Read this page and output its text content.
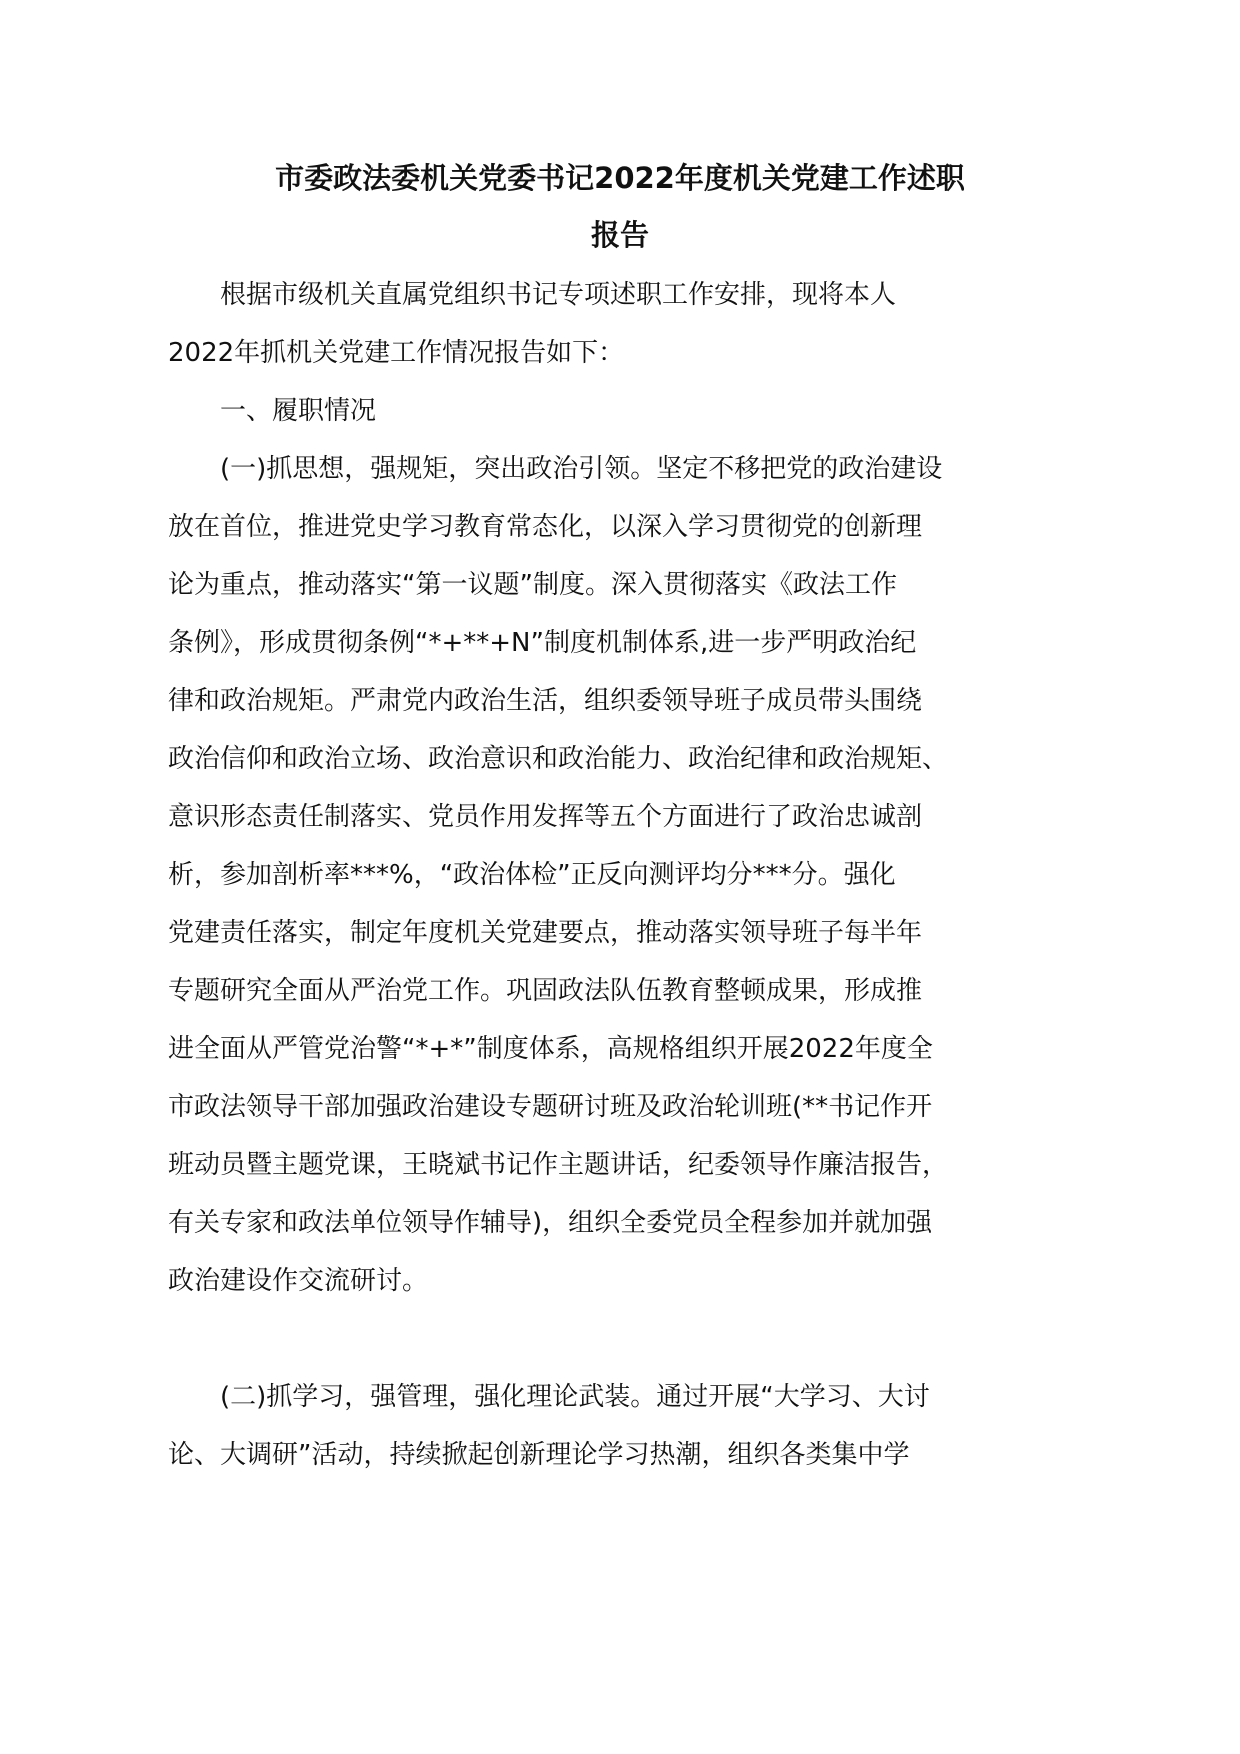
市委政法委机关党委书记2022年度机关党建工作述职
报告
根据市级机关直属党组织书记专项述职工作安排，现将本人
2022年抓机关党建工作情况报告如下：
一、履职情况
(一)抓思想，强规矩，突出政治引领。坚定不移把党的政治建设
放在首位，推进党史学习教育常态化，以深入学习贯彻党的创新理
论为重点，推动落实“第一议题”制度。深入贯彻落实《政法工作
条例》，形成贯彻条例“*+**+N”制度机制体系,进一步严明政治纪
律和政治规矩。严肃党内政治生活，组织委领导班子成员带头围绕
政治信仰和政治立场、政治意识和政治能力、政治纪律和政治规矩、
意识形态责任制落实、党员作用发挥等五个方面进行了政治忠诚剖
析，参加剖析率***%，“政治体检”正反向测评均分***分。强化
党建责任落实，制定年度机关党建要点，推动落实领导班子每半年
专题研究全面从严治党工作。巩固政法队伍教育整顿成果，形成推
进全面从严管党治警“*+*”制度体系，高规格组织开展2022年度全
市政法领导干部加强政治建设专题研讨班及政治轮训班(**书记作开
班动员暨主题党课，王晓斌书记作主题讲话，纪委领导作廉洁报告，
有关专家和政法单位领导作辅导)，组织全委党员全程参加并就加强
政治建设作交流研讨。
(二)抓学习，强管理，强化理论武装。通过开展“大学习、大讨
论、大调研”活动，持续掀起创新理论学习热潮，组织各类集中学
